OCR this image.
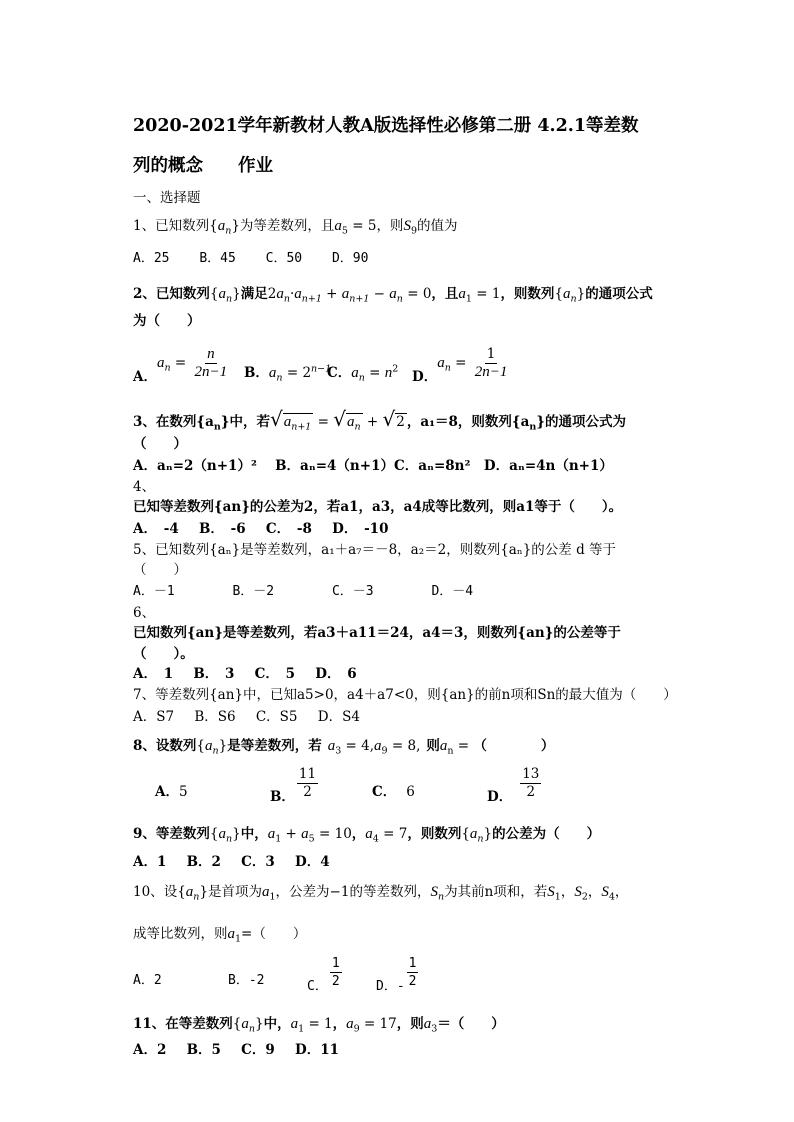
2020-2021学年新教材人教A版选择性必修第二册 4.2.1等差数
列的概念　　作业
一、选择题
1、已知数列$\{a_n\}$为等差数列，且$a_5 = 5$，则$S_9$的值为
A．25 B．45 C．50 D．90
2、已知数列$\{a_n\}$满足$2a_n\cdot a_{n+1} + a_{n+1} - a_n = 0$，且$a_1 = 1$，则数列$\{a_n\}$的通项公式
为（　　）
A．$a_n = \frac{n}{2n-1}$ B．$a_n = 2^{n-1}$
C．$a_n = n^2$ D．$a_n = \frac{1}{2n-1}$
3、在数列$\{a_n\}$中，若$√a_{n+1} = √a_n + √2$ ，a₁＝8，则数列$\{a_n\}$的通项公式为
（　　）
A．aₙ=2（n+1）²　 B．aₙ=4（n+1）C．aₙ=8n²　D．aₙ=4n（n+1）
4、
已知等差数列{an}的公差为2，若a1，a3，a4成等比数列，则a1等于（　　）。
A． -4   B． -6   C． -8   D． -10
5、已知数列{aₙ}是等差数列，a₁＋a₇＝－8，a₂＝2，则数列{aₙ}的公差 d 等于
（　　）
A．－1	B．－2	C．－3	D．－4
6、
已知数列{an}是等差数列，若a3＋a11＝24，a4＝3，则数列{an}的公差等于
（　　）。
A． 1   B． 3   C． 5   D． 6
7、等差数列{an}中，已知a5>0，a4＋a7<0，则{an}的前n项和Sn的最大值为（　　）
A．S7   B．S6   C．S5   D．S4
8、设数列$\{a_n\}$是等差数列，若 $a_3 = 4,a_9 = 8$, 则$a_n$ = （　　　　）
A．5	B． $\frac{11}{2}$	C． 6	D． $\frac{13}{2}$
9、等差数列$\{a_n\}$中，$a_1 + a_5 = 10$，$a_4 = 7$，则数列$\{a_n\}$的公差为（　　）
A．1   B．2   C．3   D．4
10、设$\{a_n\}$是首项为$a_1$，公差为−1的等差数列，$S_n$为其前n项和，若$S_1$，$S_2$，$S_4$，
成等比数列，则$a_1=$（　　）
A．2	B．-2	C． $\frac{1}{2}$	D．- $\frac{1}{2}$
11、在等差数列$\{a_n\}$中，$a_1 = 1$，$a_9 = 17$，则$a_3=$（　　）
A．2   B．5   C．9   D．11
